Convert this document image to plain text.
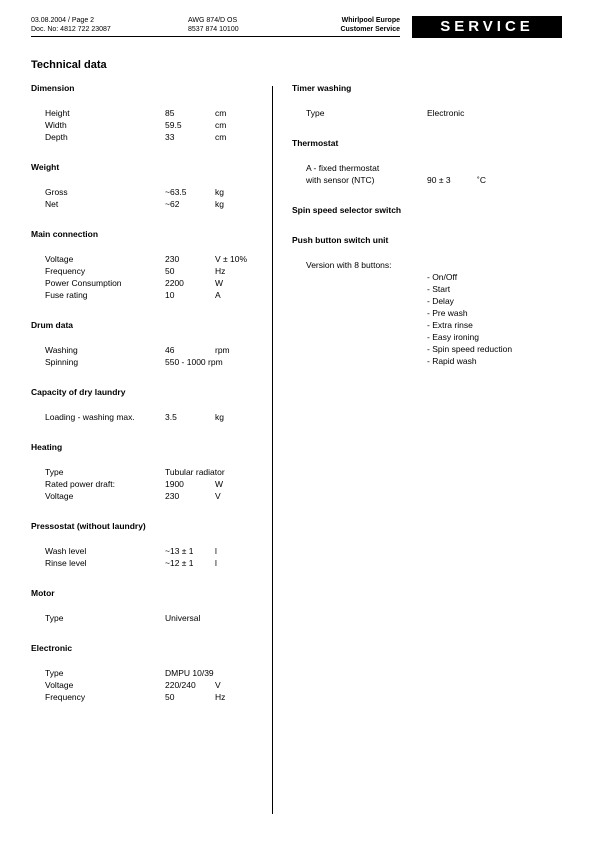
03.08.2004 / Page 2
Doc. No: 4812 722 23087
AWG 874/D OS
8537 874 10100
Whirlpool Europe
Customer Service	SERVICE
Technical data
Dimension
Height	85	cm
Width	59.5	cm
Depth	33	cm
Weight
Gross	~63.5	kg
Net	~62	kg
Main connection
Voltage	230	V ± 10%
Frequency	50	Hz
Power Consumption	2200	W
Fuse rating	10	A
Drum data
Washing	46	rpm
Spinning	550 - 1000 rpm
Capacity of dry laundry
Loading - washing max.	3.5	kg
Heating
Type	Tubular radiator
Rated power draft:	1900	W
Voltage	230	V
Pressostat (without laundry)
Wash level	~13 ± 1	l
Rinse level	~12 ± 1	l
Motor
Type	Universal
Electronic
Type	DMPU 10/39
Voltage	220/240 V
Frequency	50	Hz
Timer washing
Type	Electronic
Thermostat
A - fixed thermostat
with sensor (NTC)	90 ± 3	˚C
Spin speed selector switch
Push button switch unit
Version with 8 buttons:
- On/Off
- Start
- Delay
- Pre wash
- Extra rinse
- Easy ironing
- Spin speed reduction
- Rapid wash
